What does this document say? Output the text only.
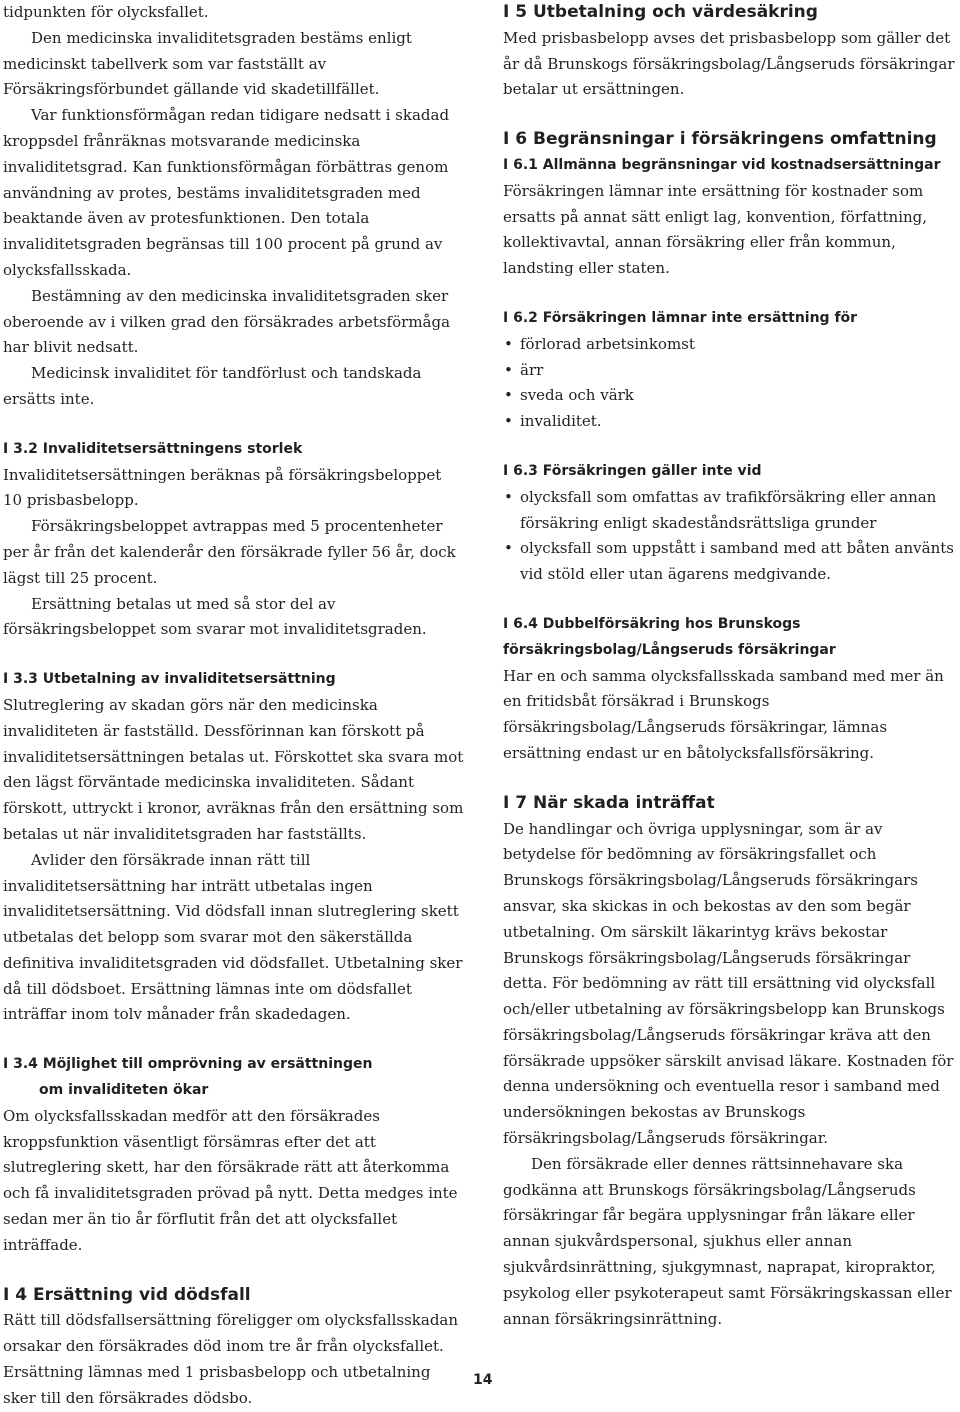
tidpunkten för olycksfallet.

Den medicinska invaliditetsgraden bestäms enligt medicinskt tabellverk som var fastställt av Försäkringsförbundet gällande vid skadetillfället.

Var funktionsförmågan redan tidigare nedsatt i skadad kroppsdel frånräknas motsvarande medicinska invaliditetsgrad. Kan funktionsförmågan förbättras genom användning av protes, bestäms invaliditetsgraden med beaktande även av protesfunktionen. Den totala invaliditetsgraden begränsas till 100 procent på grund av olycksfallsskada.

Bestämning av den medicinska invaliditetsgraden sker oberoende av i vilken grad den försäkrades arbetsförmåga har blivit nedsatt.

Medicinsk invaliditet för tandförlust och tandskada ersätts inte.

I 3.2 Invaliditetsersättningens storlek

Invaliditetsersättningen beräknas på försäkringsbeloppet 10 prisbasbelopp.

Försäkringsbeloppet avtrappas med 5 procentenheter per år från det kalenderår den försäkrade fyller 56 år, dock lägst till 25 procent.

Ersättning betalas ut med så stor del av försäkringsbeloppet som svarar mot invaliditetsgraden.

I 3.3 Utbetalning av invaliditetsersättning

Slutreglering av skadan görs när den medicinska invaliditeten är fastställd. Dessförinnan kan förskott på invaliditetsersättningen betalas ut. Förskottet ska svara mot den lägst förväntade medicinska invaliditeten. Sådant förskott, uttryckt i kronor, avräknas från den ersättning som betalas ut när invaliditetsgraden har fastställts.

Avlider den försäkrade innan rätt till invaliditetsersättning har inträtt utbetalas ingen invaliditetsersättning. Vid dödsfall innan slutreglering skett utbetalas det belopp som svarar mot den säkerställda definitiva invaliditetsgraden vid dödsfallet. Utbetalning sker då till dödsboet. Ersättning lämnas inte om dödsfallet inträffar inom tolv månader från skadedagen.

I 3.4 Möjlighet till omprövning av ersättningen

om invaliditeten ökar

Om olycksfallsskadan medför att den försäkrades kroppsfunktion väsentligt försämras efter det att slutreglering skett, har den försäkrade rätt att återkomma och få invaliditetsgraden prövad på nytt. Detta medges inte sedan mer än tio år förflutit från det att olycksfallet inträffade.

I 4 Ersättning vid dödsfall

Rätt till dödsfallsersättning föreligger om olycksfallsskadan orsakar den försäkrades död inom tre år från olycksfallet. Ersättning lämnas med 1 prisbasbelopp och utbetalning sker till den försäkrades dödsbo.

I 5 Utbetalning och värdesäkring

Med prisbasbelopp avses det prisbasbelopp som gäller det år då Brunskogs försäkringsbolag/Långseruds försäkringar betalar ut ersättningen.

I 6 Begränsningar i försäkringens omfattning

I 6.1 Allmänna begränsningar vid kostnadsersättningar

Försäkringen lämnar inte ersättning för kostnader som ersatts på annat sätt enligt lag, konvention, författning, kollektivavtal, annan försäkring eller från kommun, landsting eller staten.

I 6.2 Försäkringen lämnar inte ersättning för

• förlorad arbetsinkomst
• ärr
• sveda och värk
• invaliditet.

I 6.3 Försäkringen gäller inte vid

• olycksfall som omfattas av trafikförsäkring eller annan försäkring enligt skadeståndsrättsliga grunder
• olycksfall som uppstått i samband med att båten använts vid stöld eller utan ägarens medgivande.

I 6.4 Dubbelförsäkring hos Brunskogs försäkringsbolag/Långseruds försäkringar

Har en och samma olycksfallsskada samband med mer än en fritidsbåt försäkrad i Brunskogs försäkringsbolag/Långseruds försäkringar, lämnas ersättning endast ur en båtolycksfallsförsäkring.

I 7 När skada inträffat

De handlingar och övriga upplysningar, som är av betydelse för bedömning av försäkringsfallet och Brunskogs försäkringsbolag/Långseruds försäkringars ansvar, ska skickas in och bekostas av den som begär utbetalning. Om särskilt läkarintyg krävs bekostar Brunskogs försäkringsbolag/Långseruds försäkringar detta. För bedömning av rätt till ersättning vid olycksfall och/eller utbetalning av försäkringsbelopp kan Brunskogs försäkringsbolag/Långseruds försäkringar kräva att den försäkrade uppsöker särskilt anvisad läkare. Kostnaden för denna undersökning och eventuella resor i samband med undersökningen bekostas av Brunskogs försäkringsbolag/Långseruds försäkringar.

Den försäkrade eller dennes rättsinnehavare ska godkänna att Brunskogs försäkringsbolag/Långseruds försäkringar får begära upplysningar från läkare eller annan sjukvårdspersonal, sjukhus eller annan sjukvårdsinrättning, sjukgymnast, naprapat, kiropraktor, psykolog eller psykoterapeut samt Försäkringskassan eller annan försäkringsinrättning.

14
